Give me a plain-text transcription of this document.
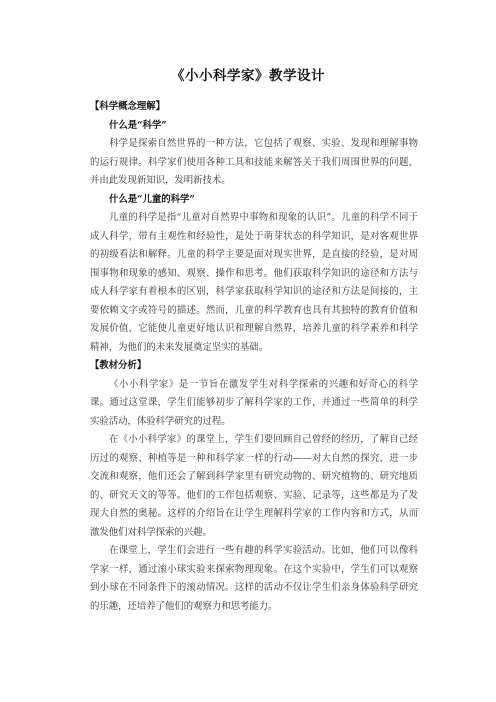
《小小科学家》教学设计

【科学概念理解】

什么是“科学”

科学是探索自然世界的一种方法，它包括了观察、实验、发现和理解事物的运行规律。科学家们使用各种工具和技能来解答关于我们周围世界的问题，并由此发现新知识，发明新技术。

什么是“儿童的科学”

儿童的科学是指“儿童对自然界中事物和现象的认识”。儿童的科学不同于成人科学，带有主观性和经验性，是处于萌芽状态的科学知识，是对客观世界的初级看法和解释。儿童的科学主要是面对现实世界，是直接的经验，是对周围事物和现象的感知、观察、操作和思考。他们获取科学知识的途径和方法与成人科学家有着根本的区别，科学家获取科学知识的途径和方法是间接的，主要依赖文字或符号的描述。然而，儿童的科学教育也具有其独特的教育价值和发展价值，它能使儿童更好地认识和理解自然界，培养儿童的科学素养和科学精神，为他们的未来发展奠定坚实的基础。

【教材分析】

《小小科学家》是一节旨在激发学生对科学探索的兴趣和好奇心的科学课。通过这堂课，学生们能够初步了解科学家的工作，并通过一些简单的科学实验活动，体验科学研究的过程。

在《小小科学家》的课堂上，学生们要回顾自己曾经的经历，了解自己经历过的观察、种植等是一种和科学家一样的行动——对大自然的探究，进一步交流和观察，他们还会了解到科学家里有研究动物的、研究植物的、研究地质的、研究天文的等等。他们的工作包括观察、实验、记录等，这些都是为了发现大自然的奥秘。这样的介绍旨在让学生理解科学家的工作内容和方式，从而激发他们对科学探索的兴趣。

在课堂上，学生们会进行一些有趣的科学实验活动。比如，他们可以像科学家一样，通过滚小球实验来探索物理现象。在这个实验中，学生们可以观察到小球在不同条件下的滚动情况。这样的活动不仅让学生们亲身体验科学研究的乐趣，还培养了他们的观察力和思考能力。
